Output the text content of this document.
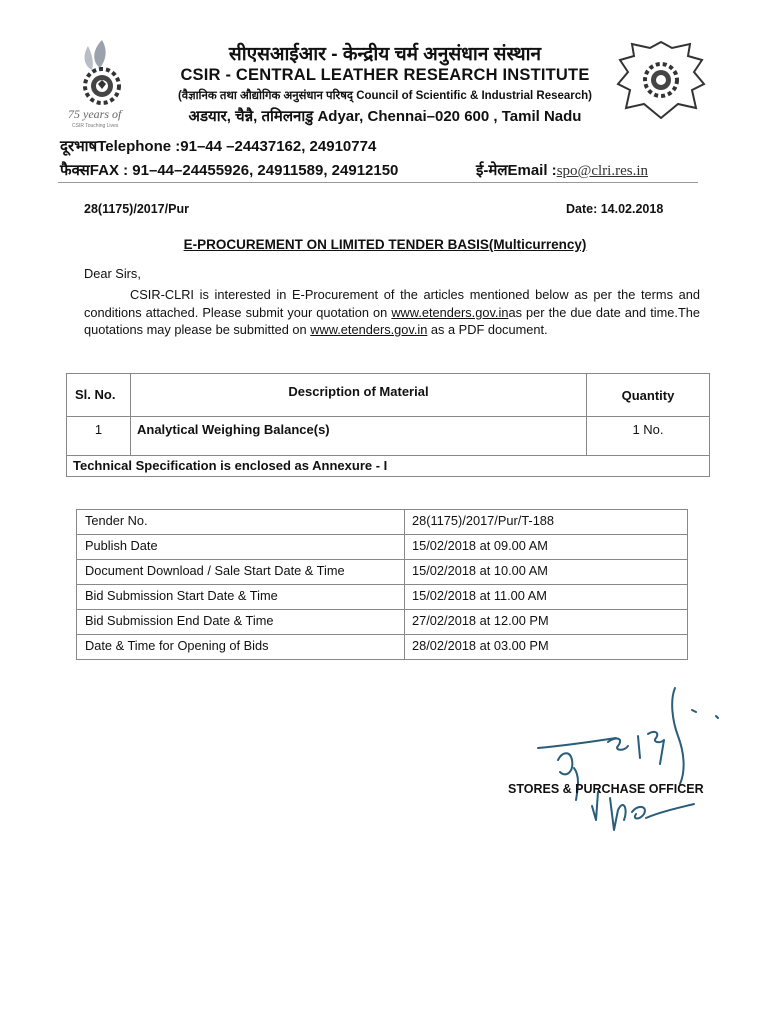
75 years of
CSIR Touching Lives
सीएसआईआर - केन्द्रीय चर्म अनुसंधान संस्थान
CSIR - CENTRAL LEATHER RESEARCH INSTITUTE
(वैज्ञानिक तथा औद्योगिक अनुसंधान परिषद् Council of Scientific & Industrial Research)
अडयार, चैन्नै, तमिलनाडु Adyar, Chennai–020 600 , Tamil Nadu
दूरभाषTelephone :91–44 –24437162, 24910774
फैक्सFAX : 91–44–24455926, 24911589, 24912150	ई-मेलEmail :spo@clri.res.in
28(1175)/2017/Pur	Date: 14.02.2018
E-PROCUREMENT ON LIMITED TENDER BASIS(Multicurrency)
Dear Sirs,
CSIR-CLRI is interested in E-Procurement of the articles mentioned below as per the terms and conditions attached. Please submit your quotation on www.etenders.gov.inas per the due date and time.The quotations may please be submitted on www.etenders.gov.in as a PDF document.
Sl. No.	Description of Material	Quantity
1	Analytical Weighing Balance(s)	1 No.
Technical Specification is enclosed as Annexure - I
Tender No.	28(1175)/2017/Pur/T-188
Publish Date	15/02/2018 at 09.00 AM
Document Download / Sale Start Date & Time	15/02/2018 at 10.00 AM
Bid Submission Start Date & Time	15/02/2018 at 11.00 AM
Bid Submission End Date & Time	27/02/2018 at 12.00 PM
Date & Time for Opening of Bids	28/02/2018 at 03.00 PM
STORES & PURCHASE OFFICER
